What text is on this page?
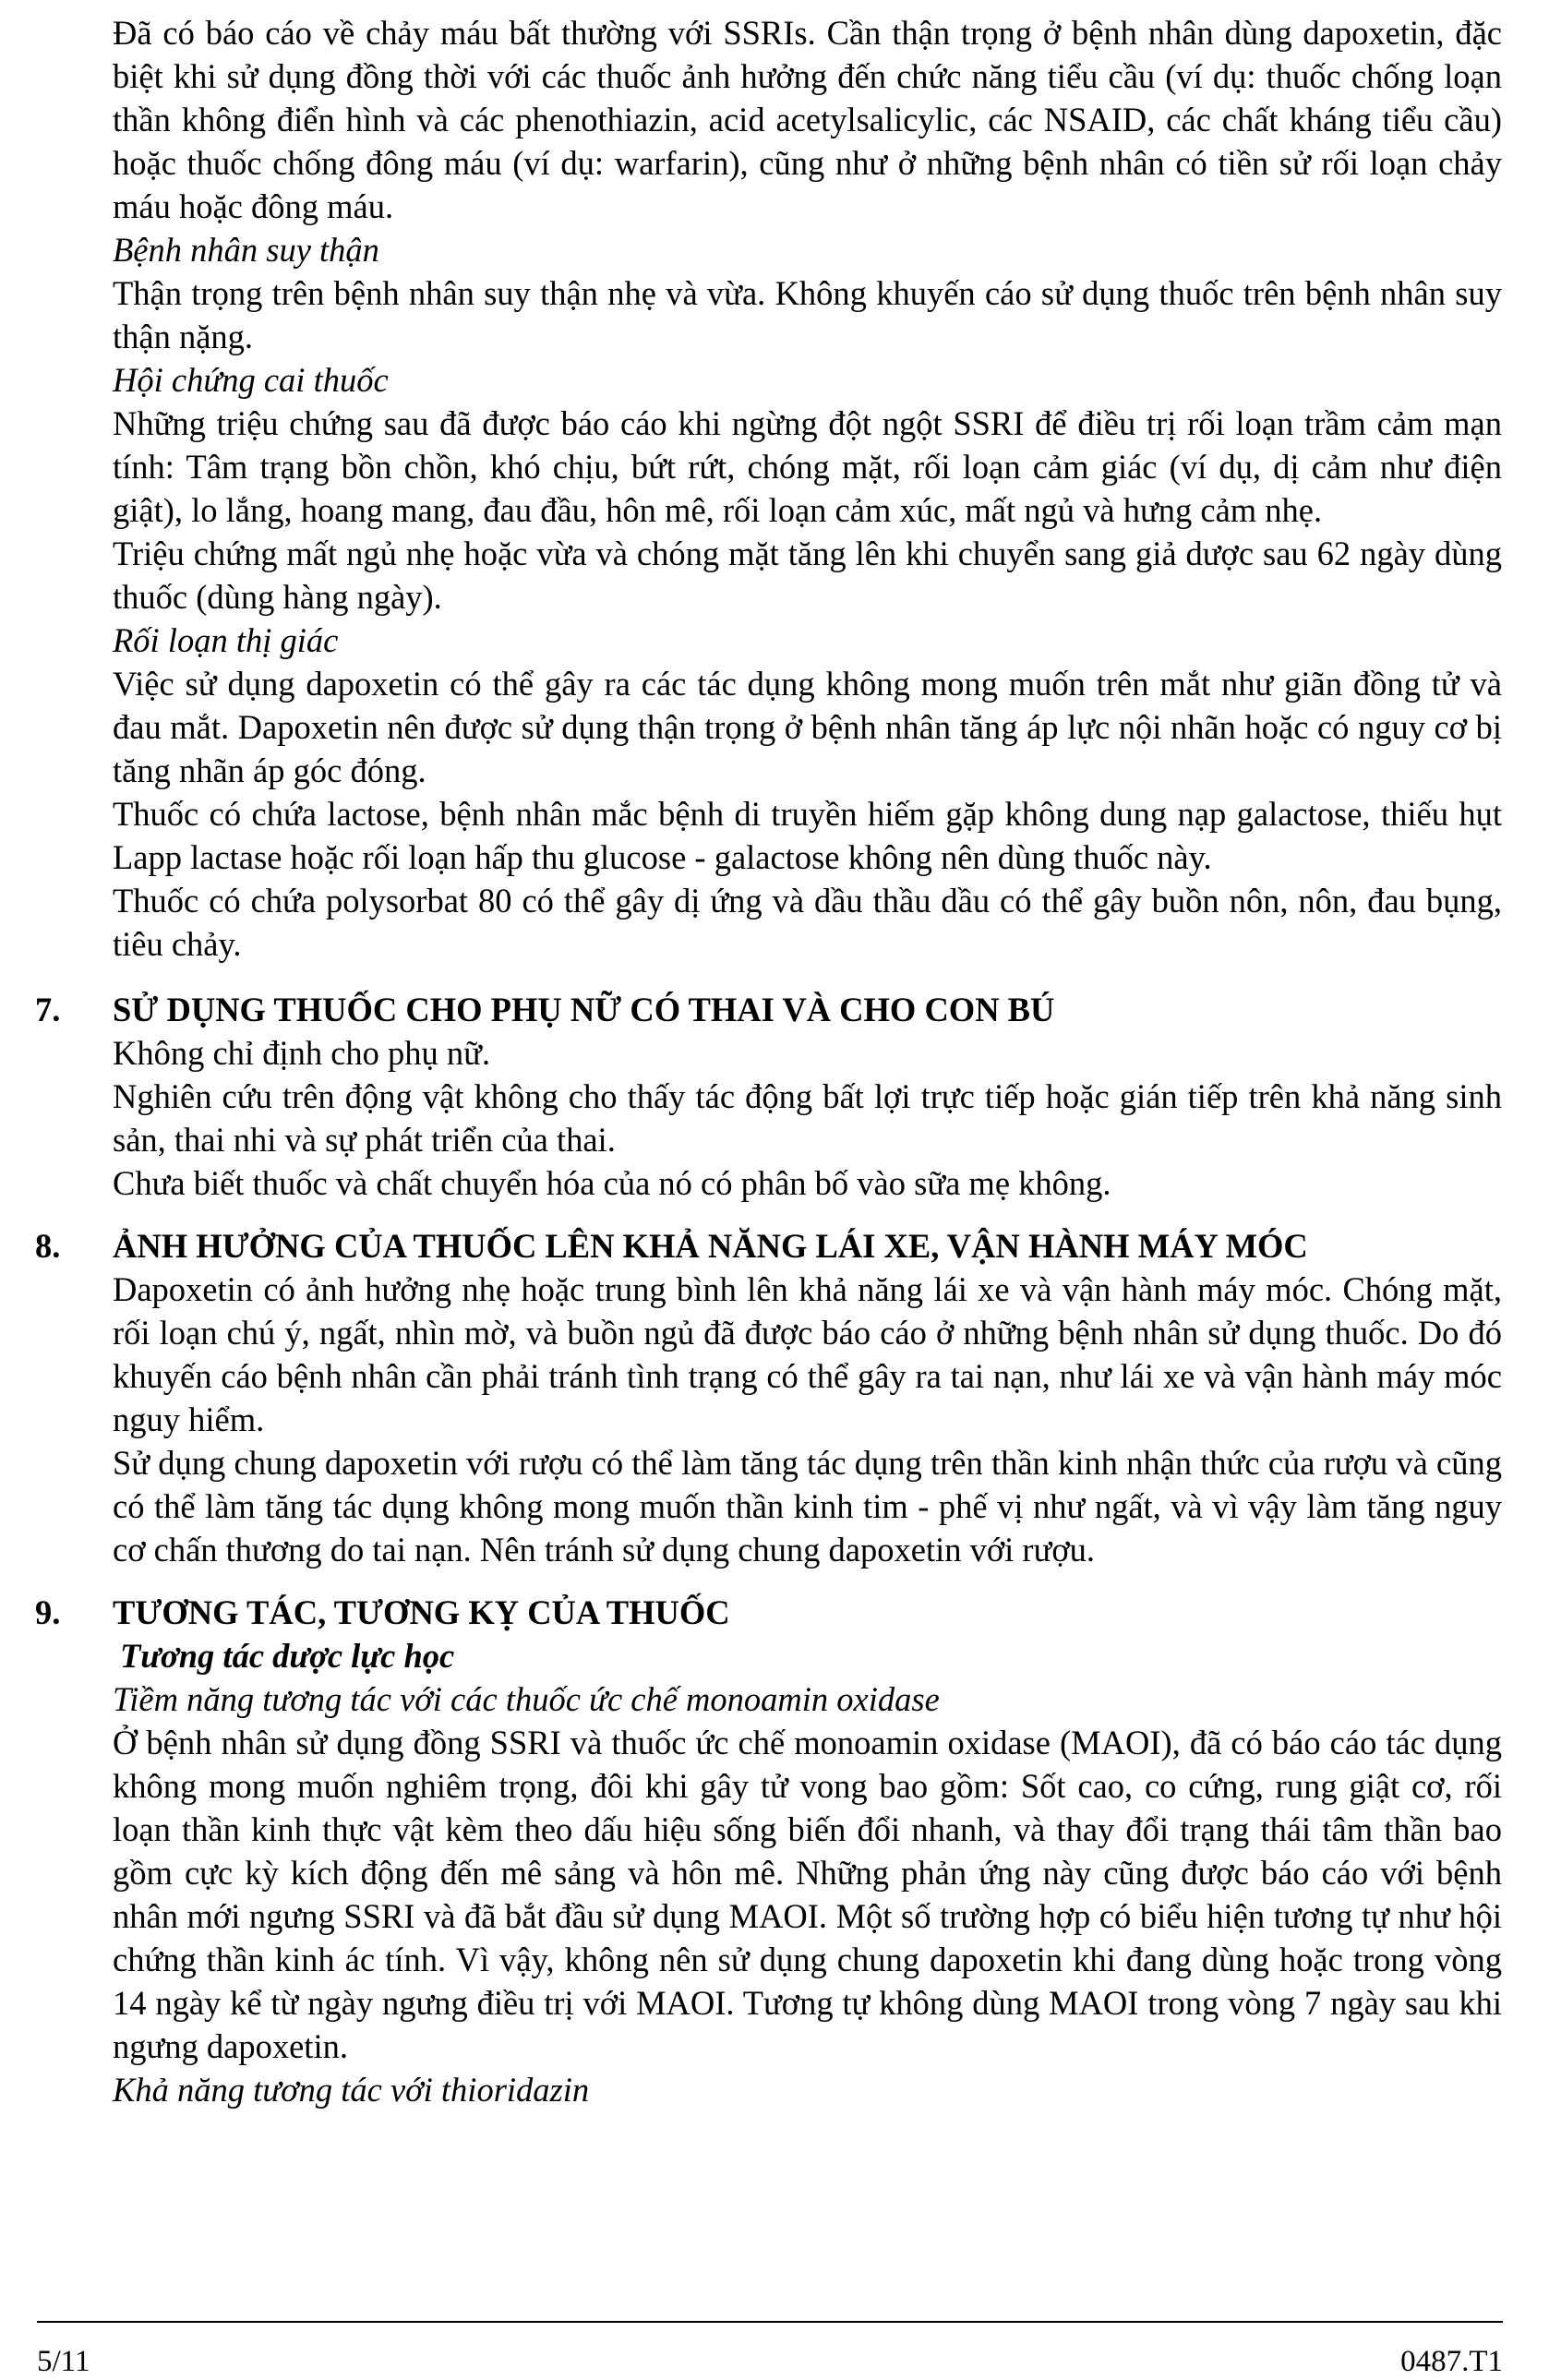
Đã có báo cáo về chảy máu bất thường với SSRIs. Cần thận trọng ở bệnh nhân dùng dapoxetin, đặc biệt khi sử dụng đồng thời với các thuốc ảnh hưởng đến chức năng tiểu cầu (ví dụ: thuốc chống loạn thần không điển hình và các phenothiazin, acid acetylsalicylic, các NSAID, các chất kháng tiểu cầu) hoặc thuốc chống đông máu (ví dụ: warfarin), cũng như ở những bệnh nhân có tiền sử rối loạn chảy máu hoặc đông máu.

Bệnh nhân suy thận

Thận trọng trên bệnh nhân suy thận nhẹ và vừa. Không khuyến cáo sử dụng thuốc trên bệnh nhân suy thận nặng.

Hội chứng cai thuốc

Những triệu chứng sau đã được báo cáo khi ngừng đột ngột SSRI để điều trị rối loạn trầm cảm mạn tính: Tâm trạng bồn chồn, khó chịu, bứt rứt, chóng mặt, rối loạn cảm giác (ví dụ, dị cảm như điện giật), lo lắng, hoang mang, đau đầu, hôn mê, rối loạn cảm xúc, mất ngủ và hưng cảm nhẹ.

Triệu chứng mất ngủ nhẹ hoặc vừa và chóng mặt tăng lên khi chuyển sang giả dược sau 62 ngày dùng thuốc (dùng hàng ngày).

Rối loạn thị giác

Việc sử dụng dapoxetin có thể gây ra các tác dụng không mong muốn trên mắt như giãn đồng tử và đau mắt. Dapoxetin nên được sử dụng thận trọng ở bệnh nhân tăng áp lực nội nhãn hoặc có nguy cơ bị tăng nhãn áp góc đóng.

Thuốc có chứa lactose, bệnh nhân mắc bệnh di truyền hiếm gặp không dung nạp galactose, thiếu hụt Lapp lactase hoặc rối loạn hấp thu glucose - galactose không nên dùng thuốc này.

Thuốc có chứa polysorbat 80 có thể gây dị ứng và dầu thầu dầu có thể gây buồn nôn, nôn, đau bụng, tiêu chảy.

7. SỬ DỤNG THUỐC CHO PHỤ NỮ CÓ THAI VÀ CHO CON BÚ

Không chỉ định cho phụ nữ.

Nghiên cứu trên động vật không cho thấy tác động bất lợi trực tiếp hoặc gián tiếp trên khả năng sinh sản, thai nhi và sự phát triển của thai.

Chưa biết thuốc và chất chuyển hóa của nó có phân bố vào sữa mẹ không.

8. ẢNH HƯỞNG CỦA THUỐC LÊN KHẢ NĂNG LÁI XE, VẬN HÀNH MÁY MÓC

Dapoxetin có ảnh hưởng nhẹ hoặc trung bình lên khả năng lái xe và vận hành máy móc. Chóng mặt, rối loạn chú ý, ngất, nhìn mờ, và buồn ngủ đã được báo cáo ở những bệnh nhân sử dụng thuốc. Do đó khuyến cáo bệnh nhân cần phải tránh tình trạng có thể gây ra tai nạn, như lái xe và vận hành máy móc nguy hiểm.

Sử dụng chung dapoxetin với rượu có thể làm tăng tác dụng trên thần kinh nhận thức của rượu và cũng có thể làm tăng tác dụng không mong muốn thần kinh tim - phế vị như ngất, và vì vậy làm tăng nguy cơ chấn thương do tai nạn. Nên tránh sử dụng chung dapoxetin với rượu.

9. TƯƠNG TÁC, TƯƠNG KỴ CỦA THUỐC

Tương tác dược lực học

Tiềm năng tương tác với các thuốc ức chế monoamin oxidase

Ở bệnh nhân sử dụng đồng SSRI và thuốc ức chế monoamin oxidase (MAOI), đã có báo cáo tác dụng không mong muốn nghiêm trọng, đôi khi gây tử vong bao gồm: Sốt cao, co cứng, rung giật cơ, rối loạn thần kinh thực vật kèm theo dấu hiệu sống biến đổi nhanh, và thay đổi trạng thái tâm thần bao gồm cực kỳ kích động đến mê sảng và hôn mê. Những phản ứng này cũng được báo cáo với bệnh nhân mới ngưng SSRI và đã bắt đầu sử dụng MAOI. Một số trường hợp có biểu hiện tương tự như hội chứng thần kinh ác tính. Vì vậy, không nên sử dụng chung dapoxetin khi đang dùng hoặc trong vòng 14 ngày kể từ ngày ngưng điều trị với MAOI. Tương tự không dùng MAOI trong vòng 7 ngày sau khi ngưng dapoxetin.

Khả năng tương tác với thioridazin

5/11	0487.T1
